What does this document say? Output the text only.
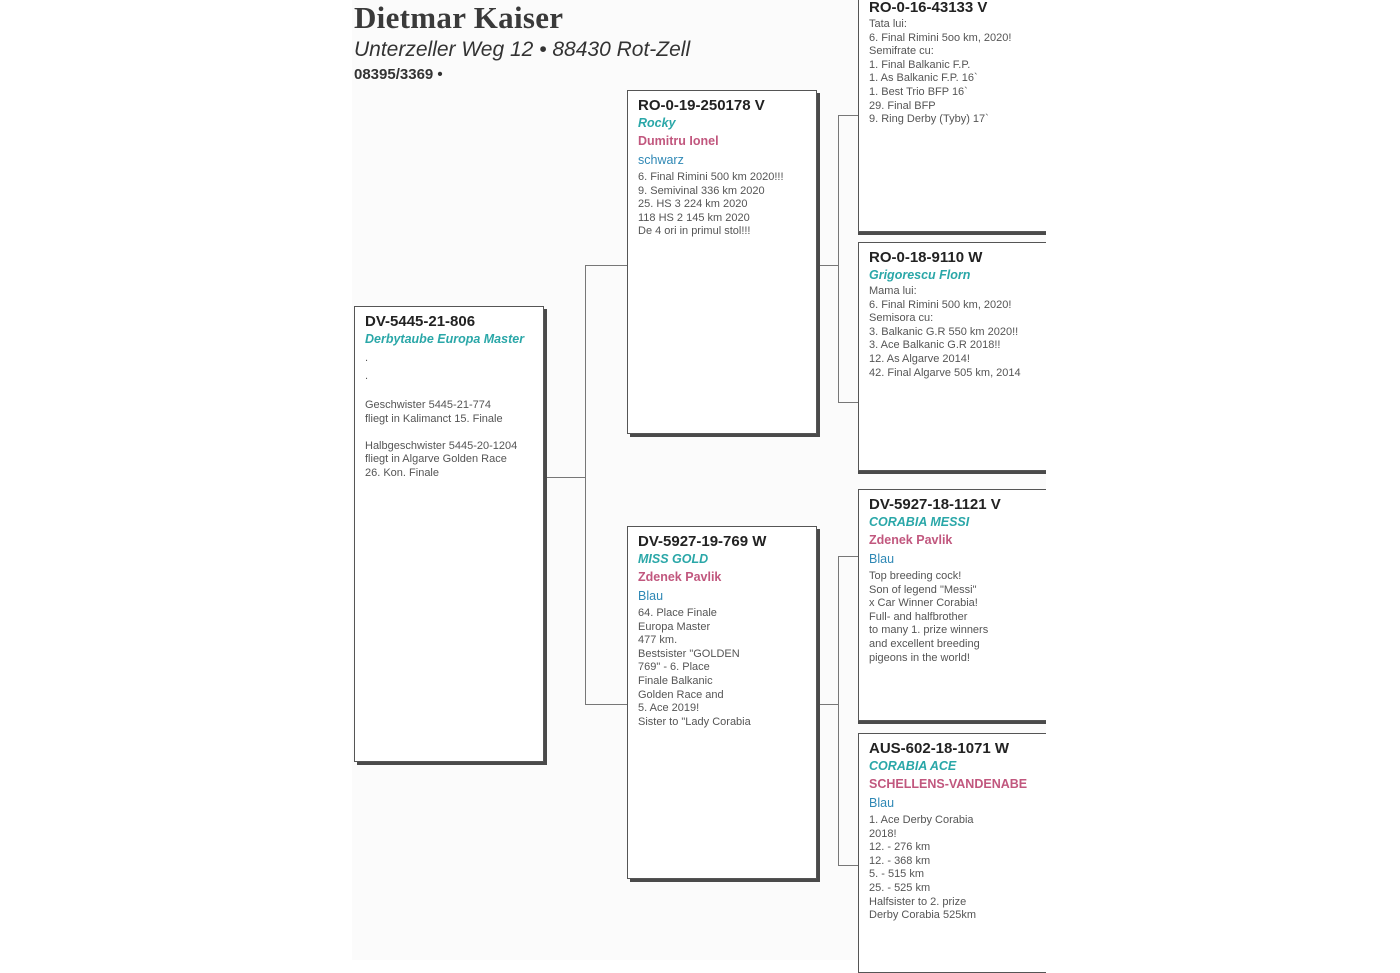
Dietmar Kaiser
Unterzeller Weg 12 • 88430 Rot-Zell
08395/3369 •
DV-5445-21-806
Derbytaube Europa Master
.
.
Geschwister 5445-21-774
fliegt in Kalimanct 15. Finale

Halbgeschwister 5445-20-1204
fliegt in Algarve Golden Race
26. Kon. Finale
RO-0-19-250178 V
Rocky
Dumitru Ionel
schwarz
6. Final Rimini 500 km 2020!!!
9. Semivinal 336 km 2020
25. HS 3 224 km 2020
118 HS 2 145 km 2020
De 4 ori in primul stol!!!
DV-5927-19-769 W
MISS GOLD
Zdenek Pavlik
Blau
64. Place Finale
Europa Master
477 km.
Bestsister "GOLDEN
769" - 6. Place
Finale Balkanic
Golden Race and
5. Ace 2019!
Sister to "Lady Corabia
RO-0-16-43133 V
Tata lui:
6. Final Rimini 5oo km, 2020!
Semifrate cu:
1. Final Balkanic F.P.
1. As Balkanic F.P. 16`
1. Best Trio BFP 16`
29. Final BFP
9. Ring Derby (Tyby) 17`
RO-0-18-9110 W
Grigorescu Florn
Mama lui:
6. Final Rimini 500 km, 2020!
Semisora cu:
3. Balkanic G.R 550 km 2020!!
3. Ace Balkanic G.R 2018!!
12. As Algarve 2014!
42. Final Algarve 505 km, 2014
DV-5927-18-1121 V
CORABIA MESSI
Zdenek Pavlik
Blau
Top breeding cock!
Son of legend "Messi"
x Car Winner Corabia!
Full- and halfbrother
to many 1. prize winners
and excellent breeding
pigeons in the world!
AUS-602-18-1071 W
CORABIA ACE
SCHELLENS-VANDENABE
Blau
1. Ace Derby Corabia
2018!
12. - 276 km
12. - 368 km
5. - 515 km
25. - 525 km
Halfsister to 2. prize
Derby Corabia 525km
